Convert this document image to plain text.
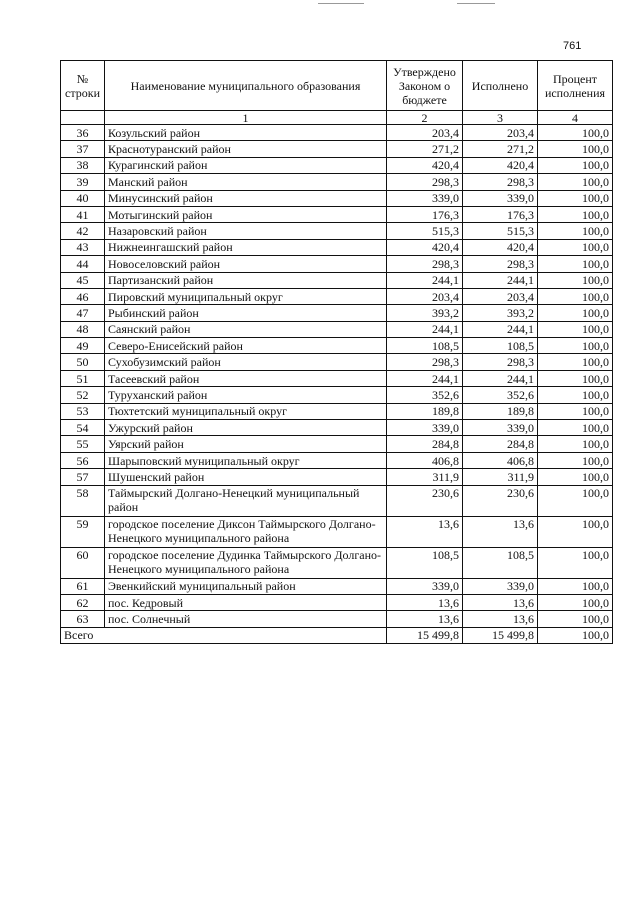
761
№ строки	Наименование муниципального образования	Утверждено Законом о бюджете	Исполнено	Процент исполнения
	1	2	3	4
36	Козульский район	203,4	203,4	100,0
37	Краснотуранский район	271,2	271,2	100,0
38	Курагинский район	420,4	420,4	100,0
39	Манский район	298,3	298,3	100,0
40	Минусинский район	339,0	339,0	100,0
41	Мотыгинский район	176,3	176,3	100,0
42	Назаровский район	515,3	515,3	100,0
43	Нижнеингашский район	420,4	420,4	100,0
44	Новоселовский район	298,3	298,3	100,0
45	Партизанский район	244,1	244,1	100,0
46	Пировский муниципальный округ	203,4	203,4	100,0
47	Рыбинский район	393,2	393,2	100,0
48	Саянский район	244,1	244,1	100,0
49	Северо-Енисейский район	108,5	108,5	100,0
50	Сухобузимский район	298,3	298,3	100,0
51	Тасеевский район	244,1	244,1	100,0
52	Туруханский район	352,6	352,6	100,0
53	Тюхтетский муниципальный округ	189,8	189,8	100,0
54	Ужурский район	339,0	339,0	100,0
55	Уярский район	284,8	284,8	100,0
56	Шарыповский муниципальный округ	406,8	406,8	100,0
57	Шушенский район	311,9	311,9	100,0
58	Таймырский Долгано-Ненецкий муниципальный район	230,6	230,6	100,0
59	городское поселение Диксон Таймырского Долгано-Ненецкого муниципального района	13,6	13,6	100,0
60	городское поселение Дудинка Таймырского Долгано-Ненецкого муниципального района	108,5	108,5	100,0
61	Эвенкийский муниципальный район	339,0	339,0	100,0
62	пос. Кедровый	13,6	13,6	100,0
63	пос. Солнечный	13,6	13,6	100,0
Всего		15 499,8	15 499,8	100,0
